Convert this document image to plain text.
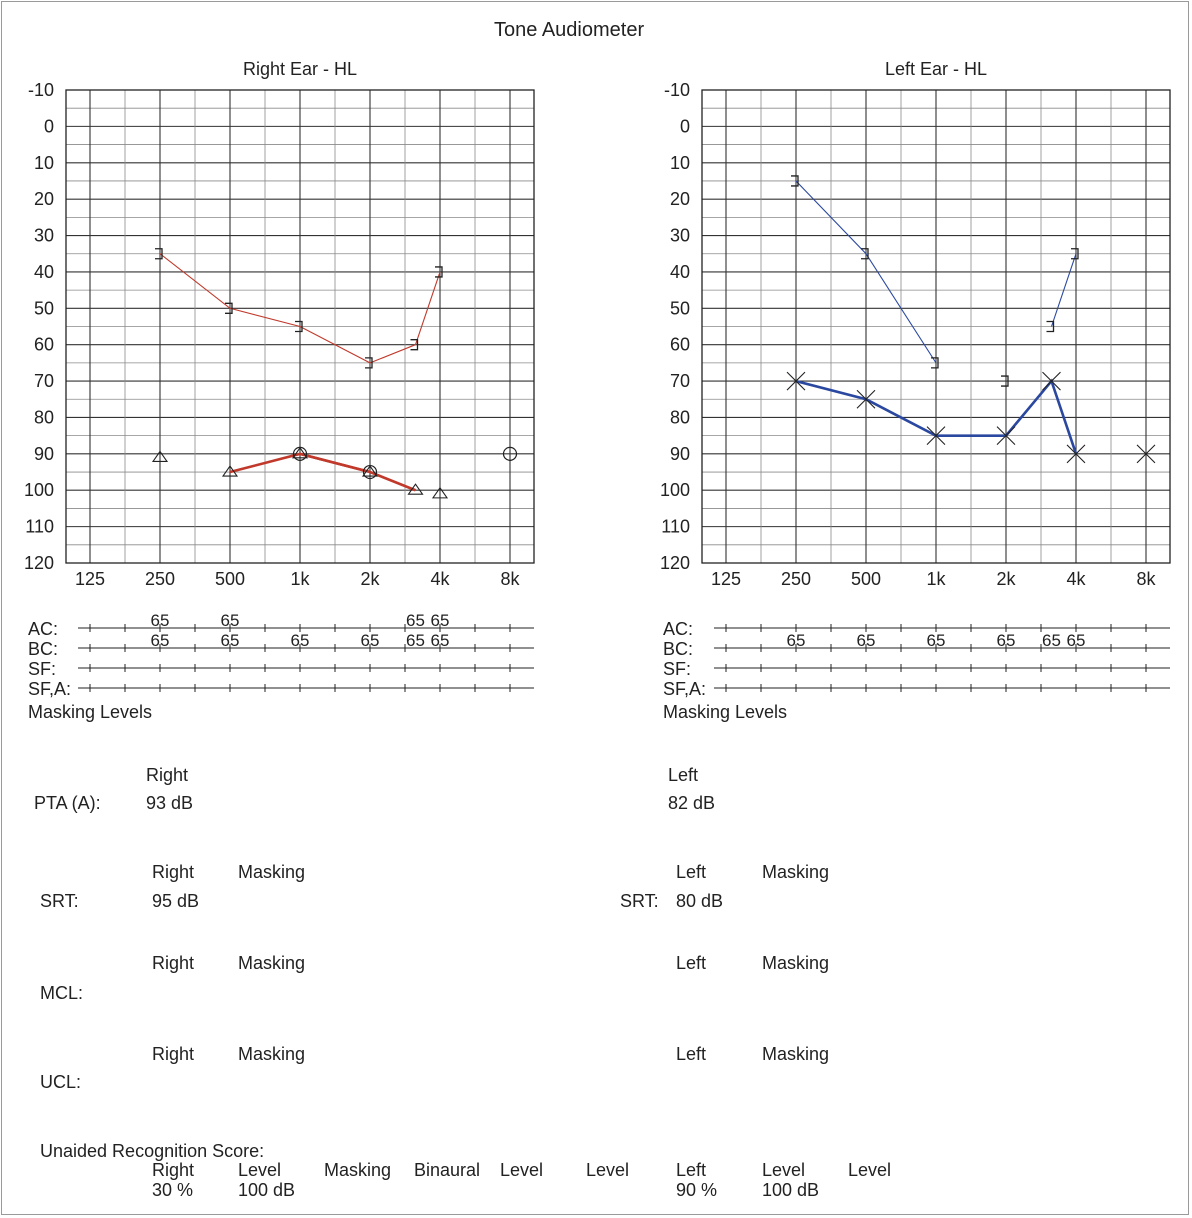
Tone Audiometer
Right Ear - HL
-10
0
10
20
30
40
50
60
70
80
90
100
110
120
125 250 500	1k	2k	4k	8k
AC:
BC:
SF:
SF,A:
65	65	65 65
65	65	65	65 65 65
Left Ear - HL
-10
0
10
20
30
40
50
60
70
80
90
100
110
120
125 250 500	1k	2k	4k	8k
AC:
BC:
SF:
SF,A:
65	65	65	65 65 65
Masking Levels	Masking Levels
Right	Left
PTA (A):	93 dB	82 dB
Right Masking	Left	Masking
SRT:	95 dB	SRT: 80 dB
Right Masking	Left	Masking
MCL:
Right Masking	Left	Masking
UCL:
Unaided Recognition Score:
Right Level Masking Binaural Level Level	Left	Level Level
30 % 100 dB	90 % 100 dB
